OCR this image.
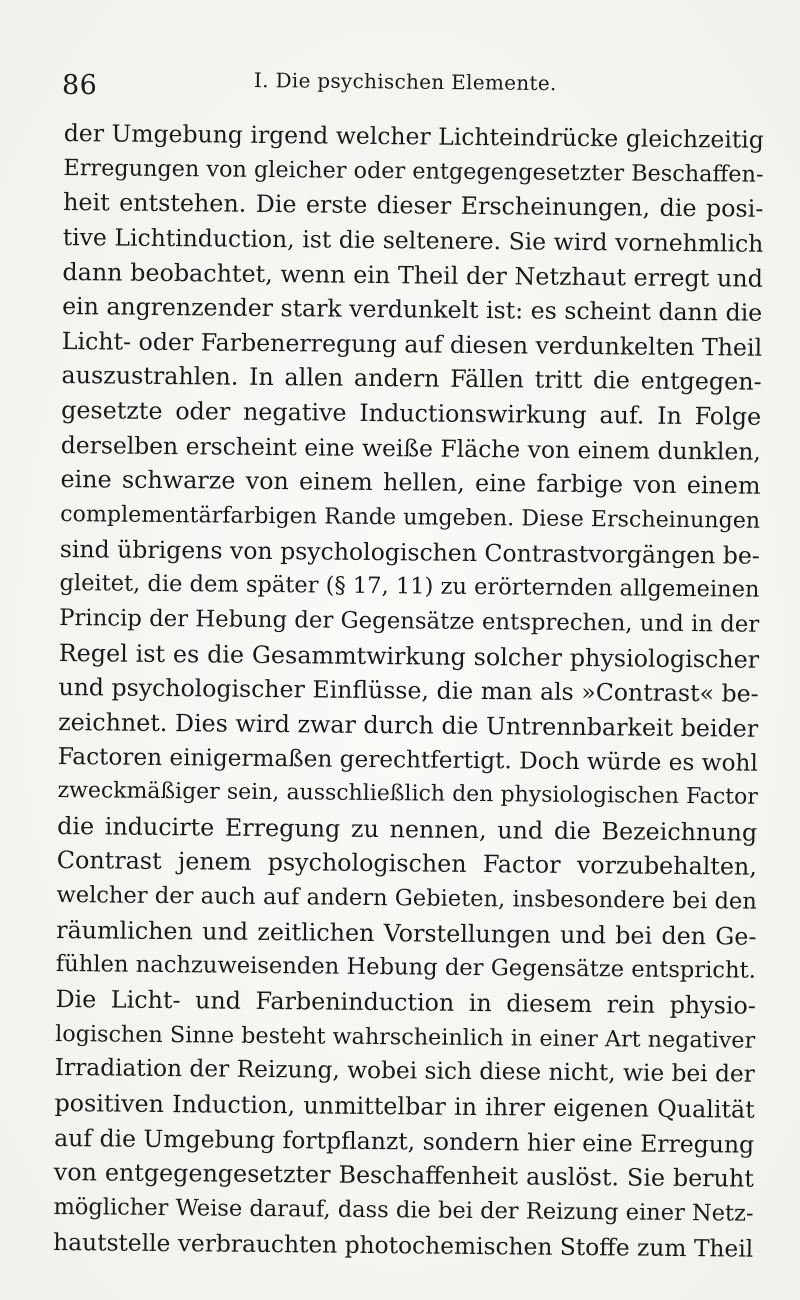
86	I. Die psychischen Elemente.
der Umgebung irgend welcher Lichteindrücke gleichzeitig
Erregungen von gleicher oder entgegengesetzter Beschaffen-
heit entstehen. Die erste dieser Erscheinungen, die posi-
tive Lichtinduction, ist die seltenere. Sie wird vornehmlich
dann beobachtet, wenn ein Theil der Netzhaut erregt und
ein angrenzender stark verdunkelt ist: es scheint dann die
Licht- oder Farbenerregung auf diesen verdunkelten Theil
auszustrahlen. In allen andern Fällen tritt die entgegen-
gesetzte oder negative Inductionswirkung auf. In Folge
derselben erscheint eine weiße Fläche von einem dunklen,
eine schwarze von einem hellen, eine farbige von einem
complementärfarbigen Rande umgeben. Diese Erscheinungen
sind übrigens von psychologischen Contrastvorgängen be-
gleitet, die dem später (§ 17, 11) zu erörternden allgemeinen
Princip der Hebung der Gegensätze entsprechen, und in der
Regel ist es die Gesammtwirkung solcher physiologischer
und psychologischer Einflüsse, die man als »Contrast« be-
zeichnet. Dies wird zwar durch die Untrennbarkeit beider
Factoren einigermaßen gerechtfertigt. Doch würde es wohl
zweckmäßiger sein, ausschließlich den physiologischen Factor
die inducirte Erregung zu nennen, und die Bezeichnung
Contrast jenem psychologischen Factor vorzubehalten,
welcher der auch auf andern Gebieten, insbesondere bei den
räumlichen und zeitlichen Vorstellungen und bei den Ge-
fühlen nachzuweisenden Hebung der Gegensätze entspricht.
Die Licht- und Farbeninduction in diesem rein physio-
logischen Sinne besteht wahrscheinlich in einer Art negativer
Irradiation der Reizung, wobei sich diese nicht, wie bei der
positiven Induction, unmittelbar in ihrer eigenen Qualität
auf die Umgebung fortpflanzt, sondern hier eine Erregung
von entgegengesetzter Beschaffenheit auslöst. Sie beruht
möglicher Weise darauf, dass die bei der Reizung einer Netz-
hautstelle verbrauchten photochemischen Stoffe zum Theil
